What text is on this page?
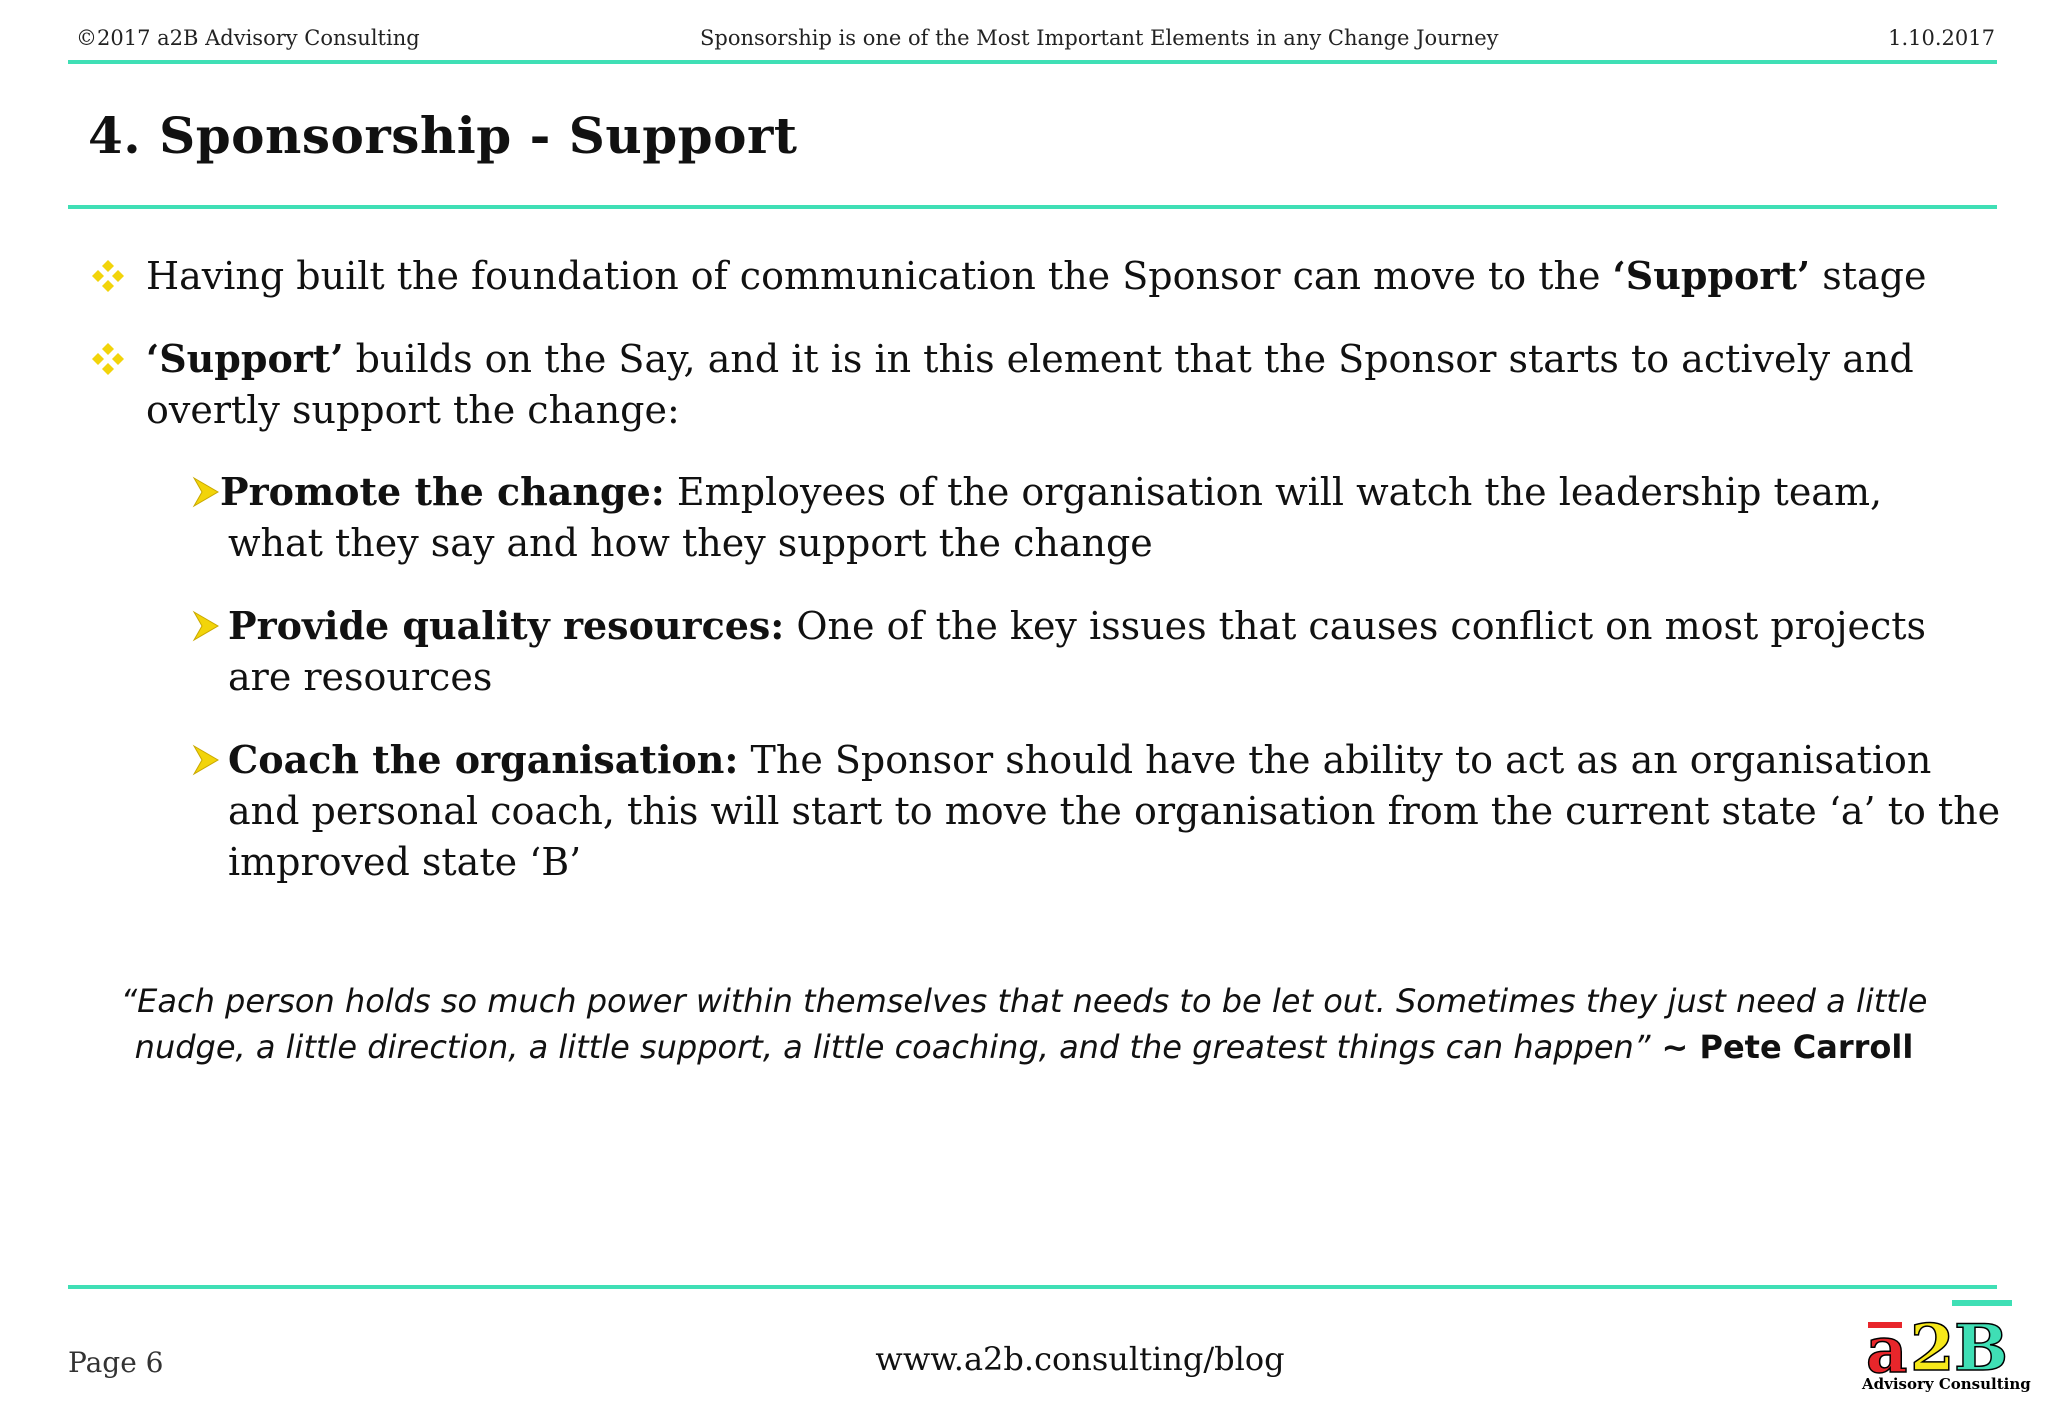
©2017 a2B Advisory Consulting	Sponsorship is one of the Most Important Elements in any Change Journey	1.10.2017
4. Sponsorship - Support
Having built the foundation of communication the Sponsor can move to the ‘Support’ stage
‘Support’ builds on the Say, and it is in this element that the Sponsor starts to actively and
overtly support the change:
Promote the change: Employees of the organisation will watch the leadership team,
what they say and how they support the change
Provide quality resources: One of the key issues that causes conflict on most projects
are resources
Coach the organisation: The Sponsor should have the ability to act as an organisation
and personal coach, this will start to move the organisation from the current state ‘a’ to the
improved state ‘B’
“Each person holds so much power within themselves that needs to be let out. Sometimes they just need a little
nudge, a little direction, a little support, a little coaching, and the greatest things can happen” ~ Pete Carroll
Page 6	www.a2b.consulting/blog	a 2 B
Advisory Consulting
